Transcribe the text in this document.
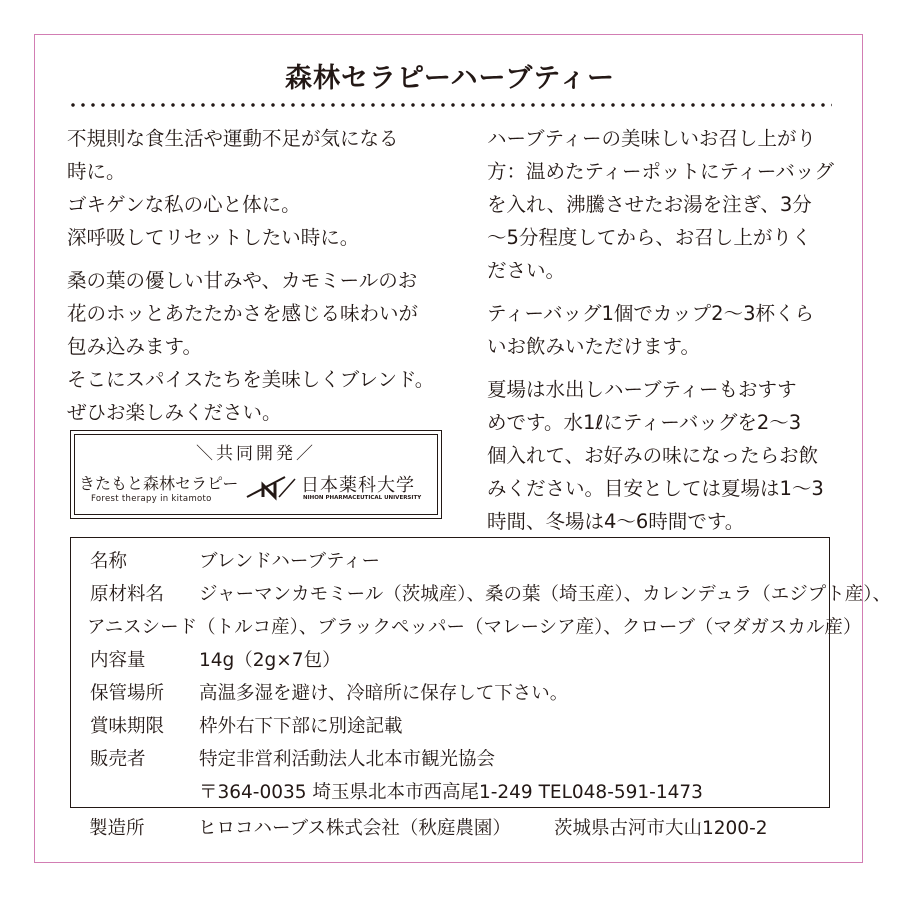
森林セラピーハーブティー

不規則な食生活や運動不足が気になる
時に。
ゴキゲンな私の心と体に。
深呼吸してリセットしたい時に。

桑の葉の優しい甘みや、カモミールのお
花のホッとあたたかさを感じる味わいが
包み込みます。
そこにスパイスたちを美味しくブレンド。
ぜひお楽しみください。

ハーブティーの美味しいお召し上がり
方：温めたティーポットにティーバッグ
を入れ、沸騰させたお湯を注ぎ、3分
〜5分程度してから、お召し上がりく
ださい。

ティーバッグ1個でカップ2〜3杯くら
いお飲みいただけます。

夏場は水出しハーブティーもおすす
めです。水1ℓにティーバッグを2〜3
個入れて、お好みの味になったらお飲
みください。目安としては夏場は1〜3
時間、冬場は4〜6時間です。

＼共同開発／
きたもと森林セラピー
Forest therapy in kitamoto
日本薬科大学
NIHON PHARMACEUTICAL UNIVERSITY
名称	ブレンドハーブティー
原材料名 ジャーマンカモミール（茨城産）、桑の葉（埼玉産）、カレンデュラ（エジプト産）、
アニスシード（トルコ産）、ブラックペッパー（マレーシア産）、クローブ（マダガスカル産）
内容量	14g（2g×7包）
保管場所 高温多湿を避け、冷暗所に保存して下さい。
賞味期限 枠外右下下部に別途記載
販売者	特定非営利活動法人北本市観光協会
〒364-0035 埼玉県北本市西高尾1-249 TEL048-591-1473
製造所	ヒロコハーブス株式会社（秋庭農園） 茨城県古河市大山1200-2
